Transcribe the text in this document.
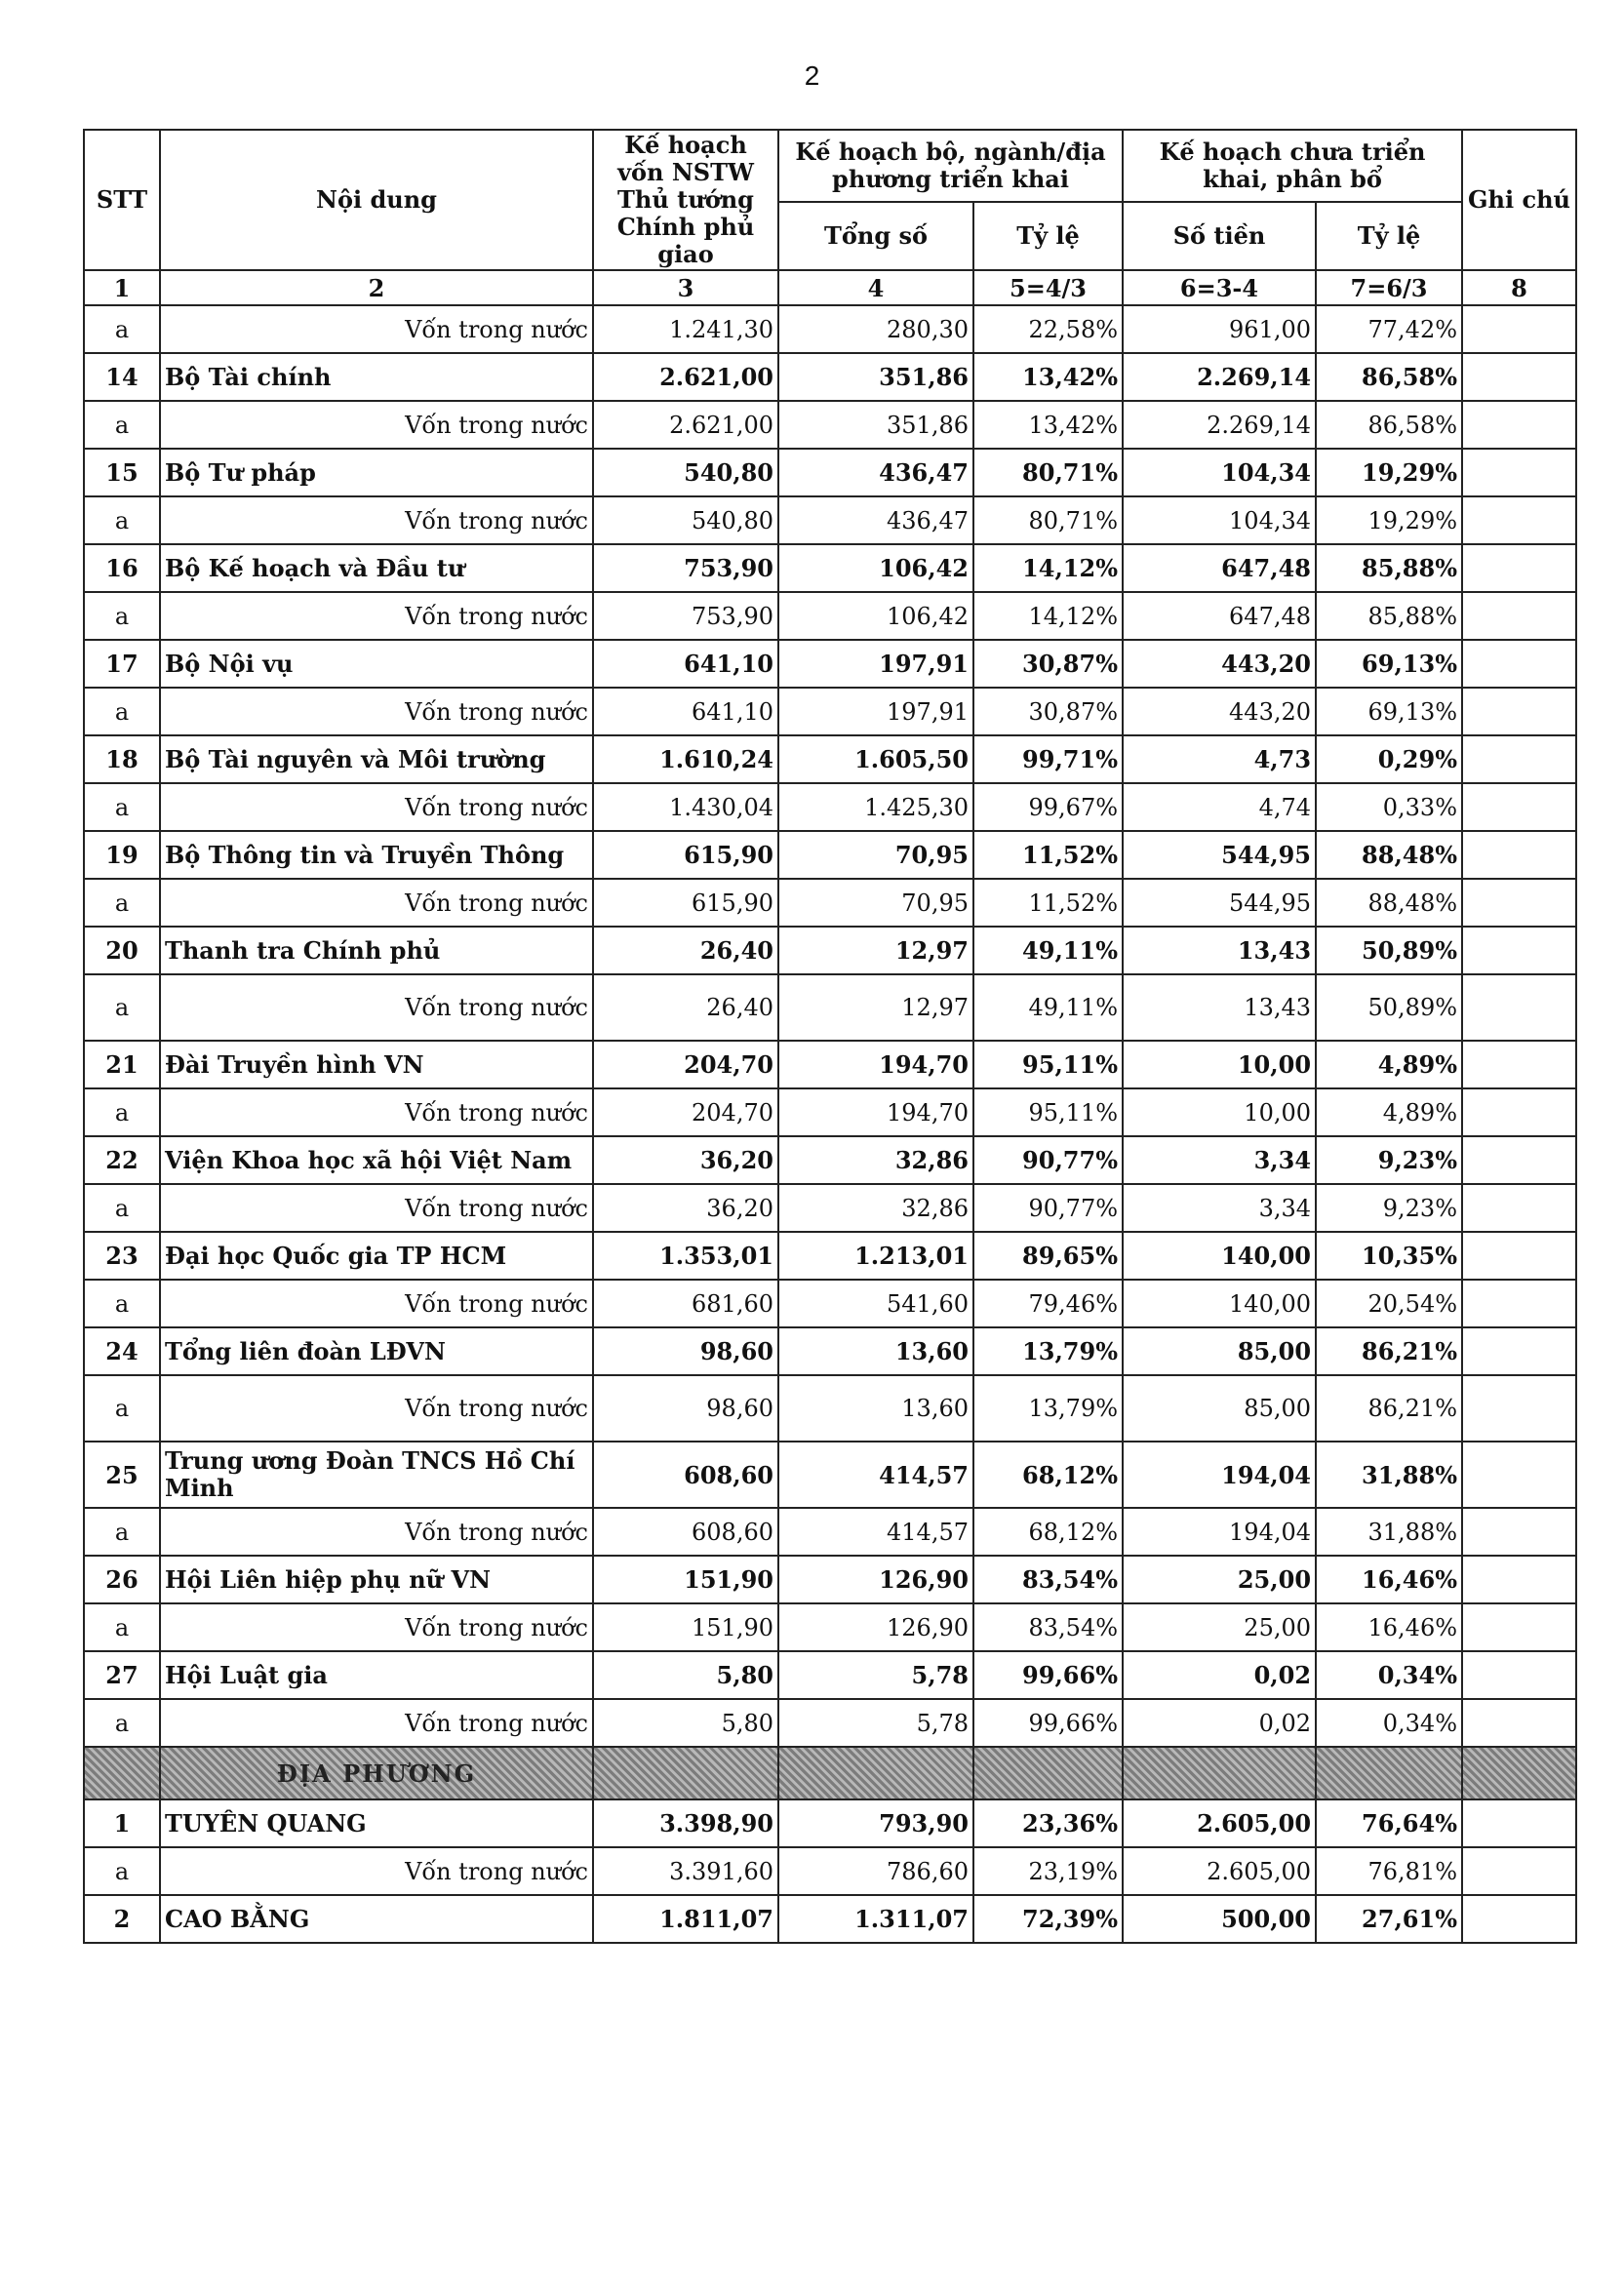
2
STT	Nội dung	Kế hoạch vốn NSTW Thủ tướng Chính phủ giao	Kế hoạch bộ, ngành/địa phương triển khai		Kế hoạch chưa triển khai, phân bổ		Ghi chú
			Tổng số	Tỷ lệ	Số tiền	Tỷ lệ	
1	2	3	4	5=4/3	6=3-4	7=6/3	8
a	Vốn trong nước	1.241,30	280,30	22,58%	961,00	77,42%	
14	Bộ Tài chính	2.621,00	351,86	13,42%	2.269,14	86,58%	
a	Vốn trong nước	2.621,00	351,86	13,42%	2.269,14	86,58%	
15	Bộ Tư pháp	540,80	436,47	80,71%	104,34	19,29%	
a	Vốn trong nước	540,80	436,47	80,71%	104,34	19,29%	
16	Bộ Kế hoạch và Đầu tư	753,90	106,42	14,12%	647,48	85,88%	
a	Vốn trong nước	753,90	106,42	14,12%	647,48	85,88%	
17	Bộ Nội vụ	641,10	197,91	30,87%	443,20	69,13%	
a	Vốn trong nước	641,10	197,91	30,87%	443,20	69,13%	
18	Bộ Tài nguyên và Môi trường	1.610,24	1.605,50	99,71%	4,73	0,29%	
a	Vốn trong nước	1.430,04	1.425,30	99,67%	4,74	0,33%	
19	Bộ Thông tin và Truyền Thông	615,90	70,95	11,52%	544,95	88,48%	
a	Vốn trong nước	615,90	70,95	11,52%	544,95	88,48%	
20	Thanh tra Chính phủ	26,40	12,97	49,11%	13,43	50,89%	
a	Vốn trong nước	26,40	12,97	49,11%	13,43	50,89%	
21	Đài Truyền hình VN	204,70	194,70	95,11%	10,00	4,89%	
a	Vốn trong nước	204,70	194,70	95,11%	10,00	4,89%	
22	Viện Khoa học xã hội Việt Nam	36,20	32,86	90,77%	3,34	9,23%	
a	Vốn trong nước	36,20	32,86	90,77%	3,34	9,23%	
23	Đại học Quốc gia TP HCM	1.353,01	1.213,01	89,65%	140,00	10,35%	
a	Vốn trong nước	681,60	541,60	79,46%	140,00	20,54%	
24	Tổng liên đoàn LĐVN	98,60	13,60	13,79%	85,00	86,21%	
a	Vốn trong nước	98,60	13,60	13,79%	85,00	86,21%	
25	Trung ương Đoàn TNCS Hồ Chí Minh	608,60	414,57	68,12%	194,04	31,88%	
a	Vốn trong nước	608,60	414,57	68,12%	194,04	31,88%	
26	Hội Liên hiệp phụ nữ VN	151,90	126,90	83,54%	25,00	16,46%	
a	Vốn trong nước	151,90	126,90	83,54%	25,00	16,46%	
27	Hội Luật gia	5,80	5,78	99,66%	0,02	0,34%	
a	Vốn trong nước	5,80	5,78	99,66%	0,02	0,34%	
	ĐỊA PHƯƠNG						
1	TUYÊN QUANG	3.398,90	793,90	23,36%	2.605,00	76,64%	
a	Vốn trong nước	3.391,60	786,60	23,19%	2.605,00	76,81%	
2	CAO BẰNG	1.811,07	1.311,07	72,39%	500,00	27,61%	
